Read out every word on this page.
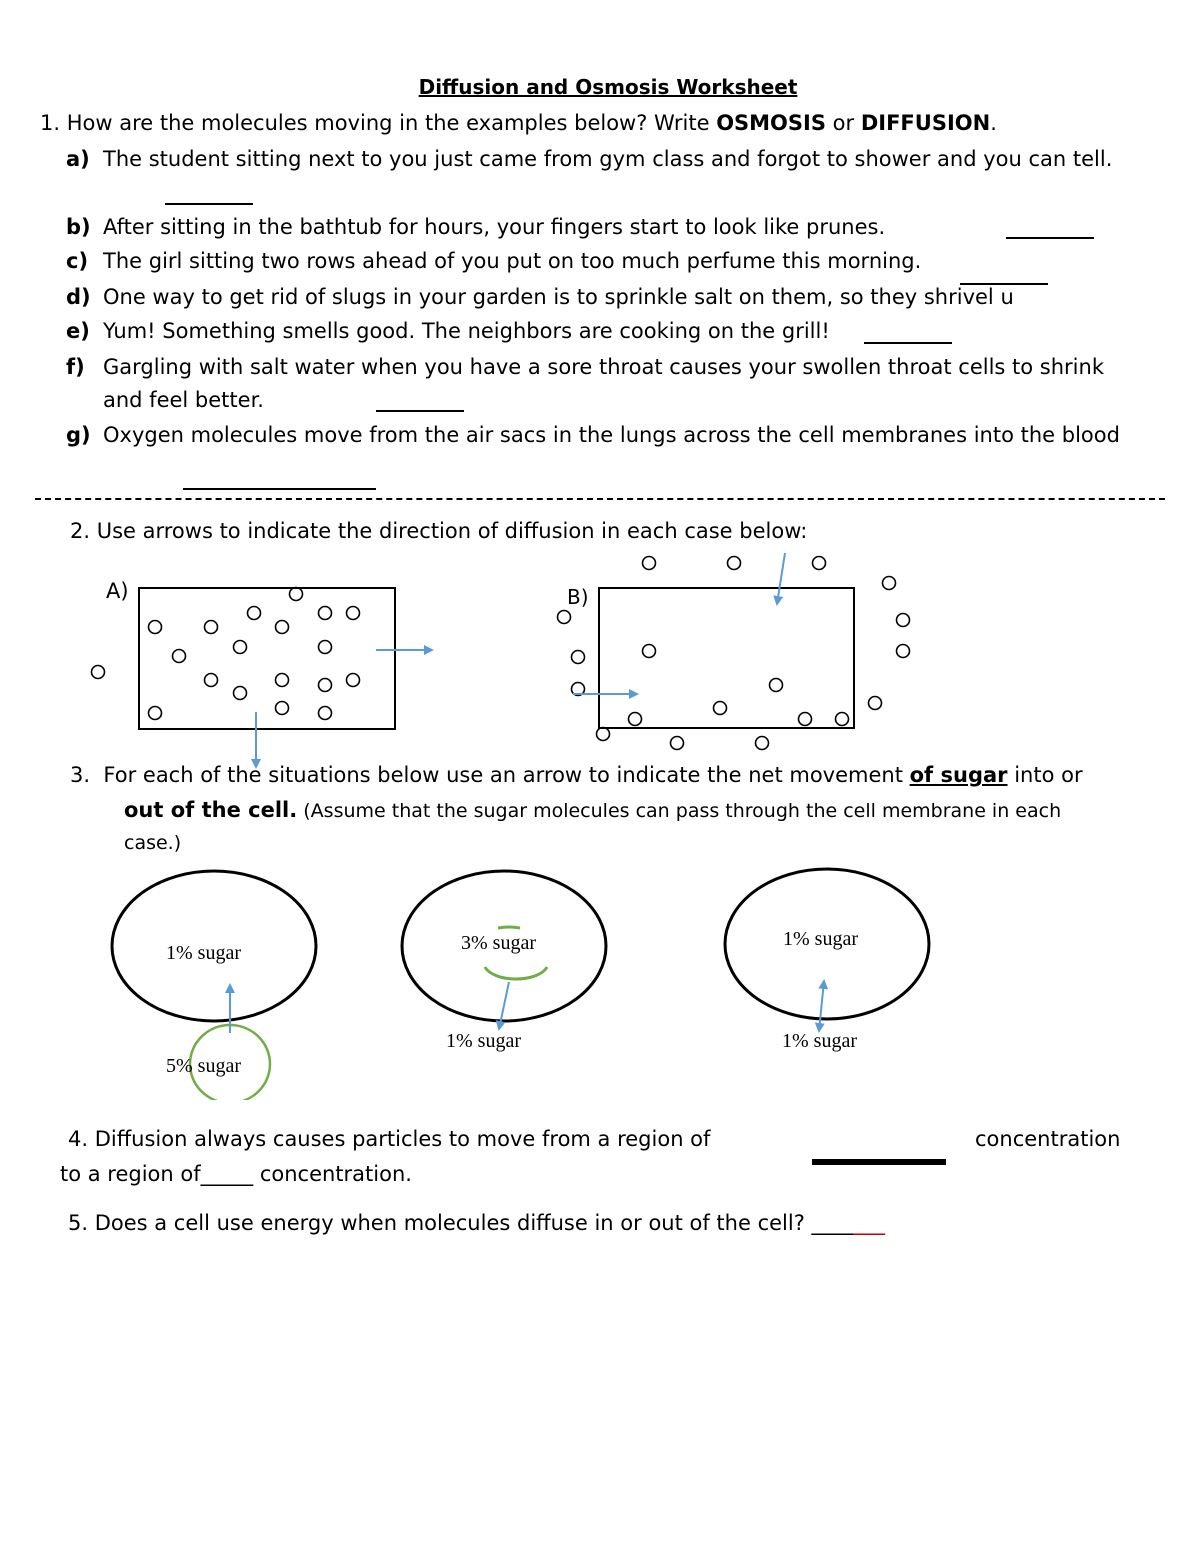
Diffusion and Osmosis Worksheet
1. How are the molecules moving in the examples below? Write OSMOSIS or DIFFUSION.
a) The student sitting next to you just came from gym class and forgot to shower and you can tell.
b) After sitting in the bathtub for hours, your fingers start to look like prunes.
c) The girl sitting two rows ahead of you put on too much perfume this morning.
d) One way to get rid of slugs in your garden is to sprinkle salt on them, so they shrivel u
e) Yum! Something smells good. The neighbors are cooking on the grill!
f) Gargling with salt water when you have a sore throat causes your swollen throat cells to shrink
and feel better.
g) Oxygen molecules move from the air sacs in the lungs across the cell membranes into the blood
2. Use arrows to indicate the direction of diffusion in each case below:
A)	B)
3. For each of the situations below use an arrow to indicate the net movement of sugar into or
out of the cell. (Assume that the sugar molecules can pass through the cell membrane in each
case.)
1% sugar
5% sugar
3% sugar
1% sugar
1% sugar
1% sugar
4. Diffusion always causes particles to move from a region of	concentration
to a region of_____ concentration.
5. Does a cell use energy when molecules diffuse in or out of the cell? _______
